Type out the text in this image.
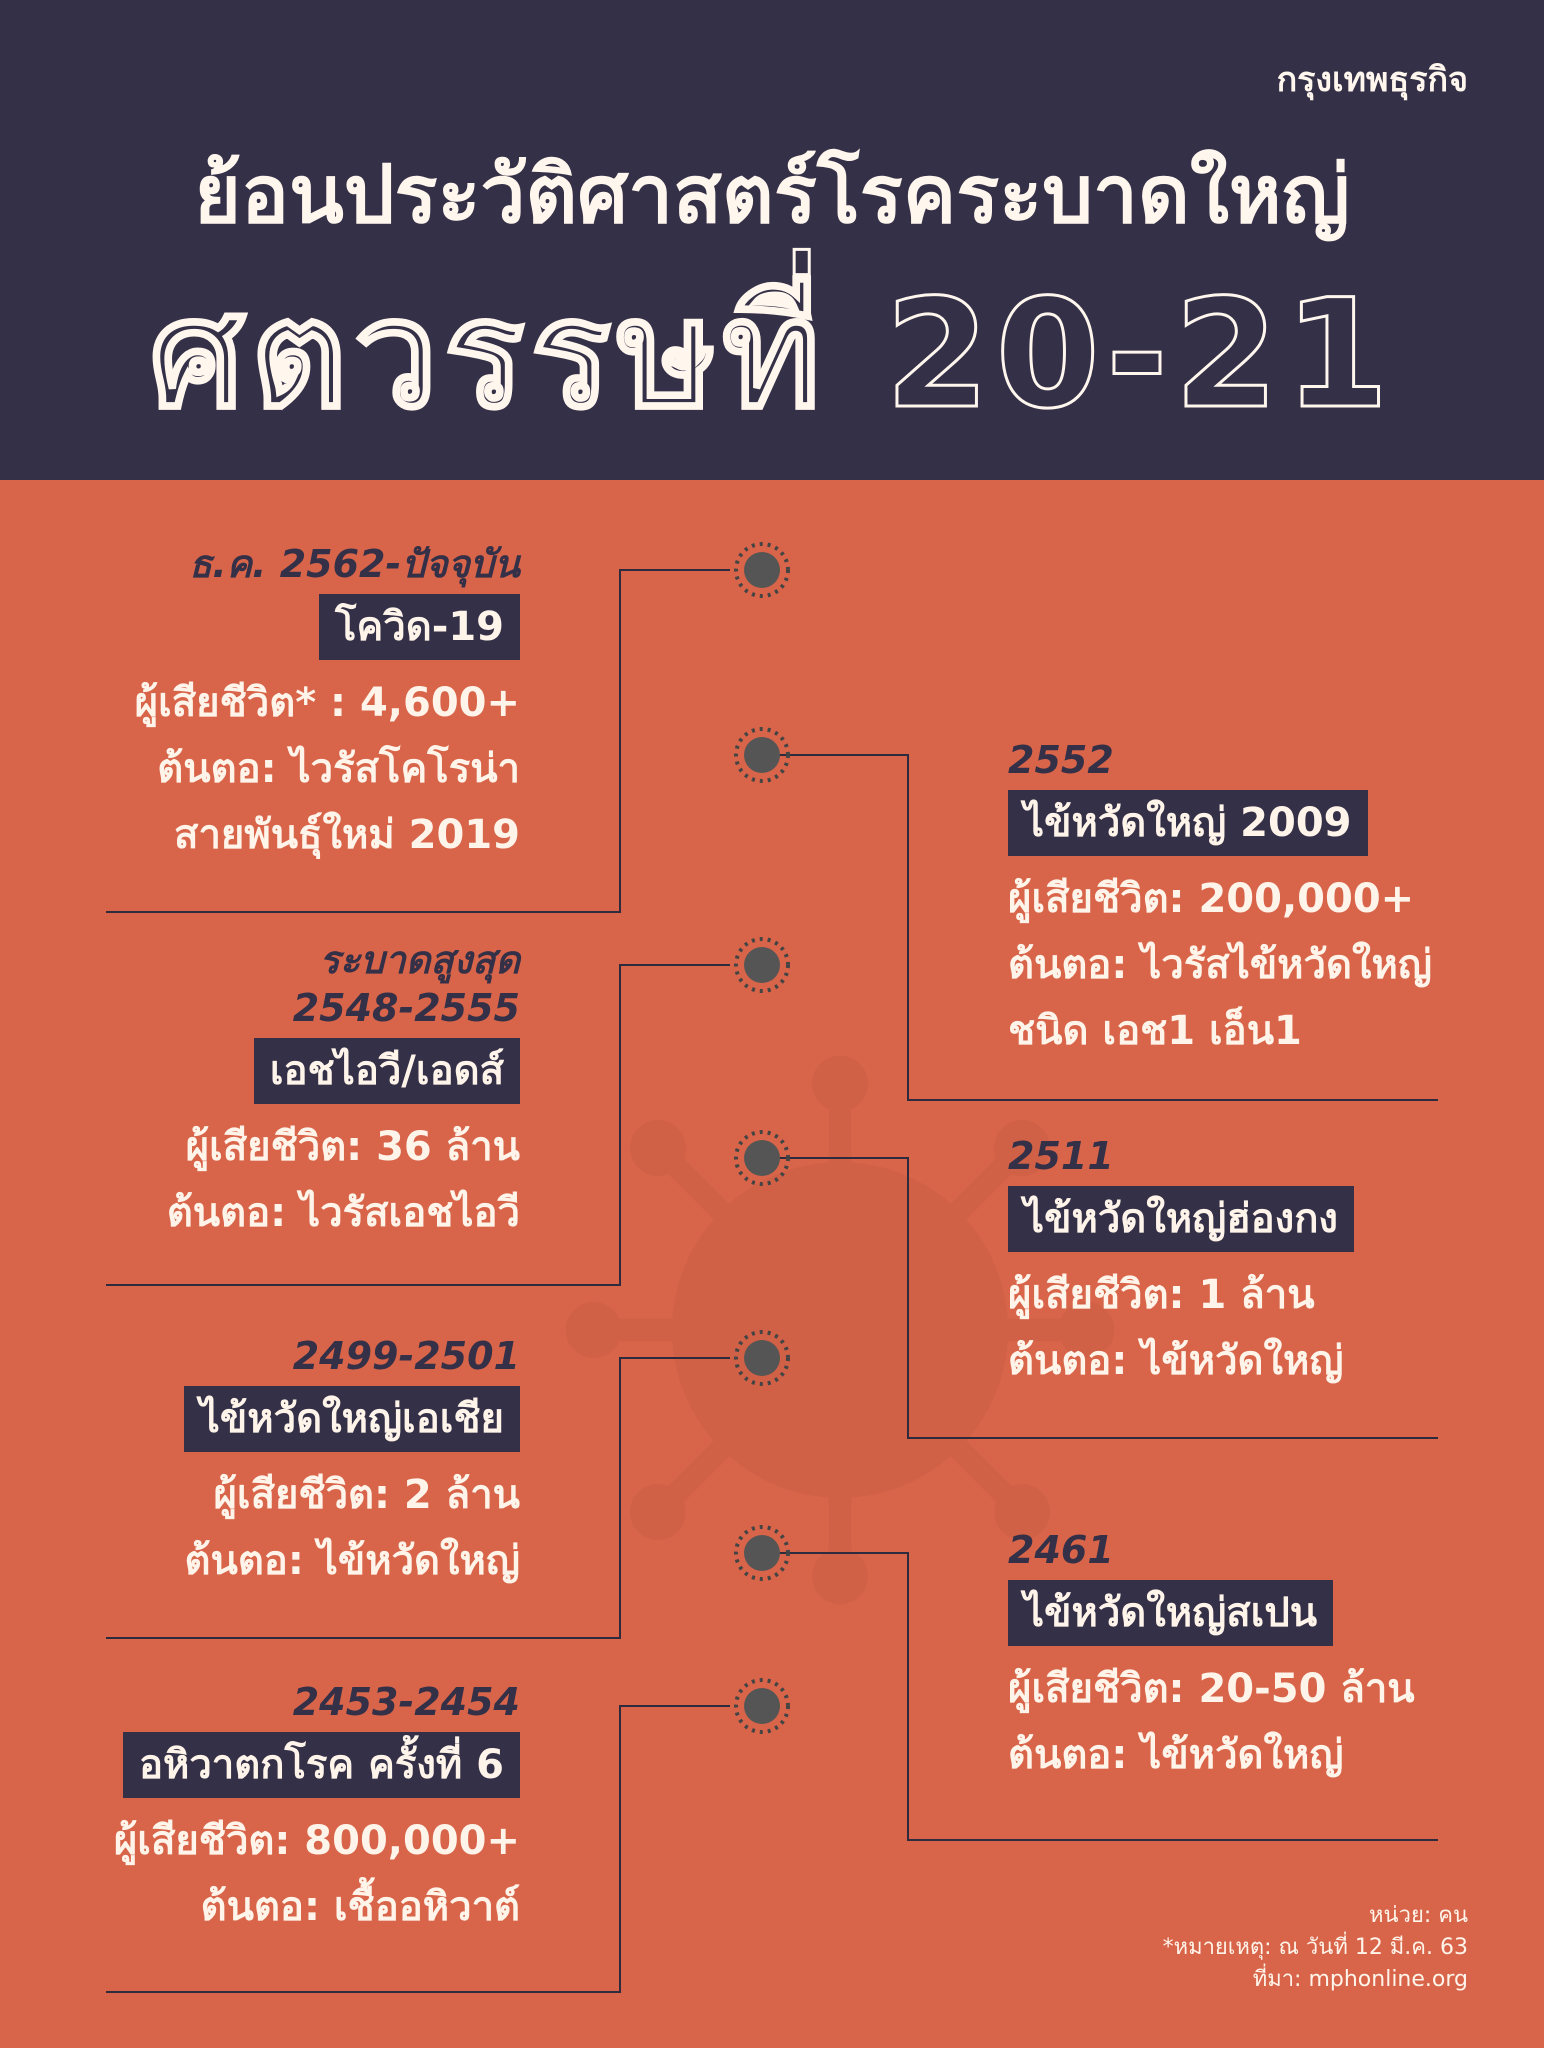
กรุงเทพธุรกิจ
ย้อนประวัติศาสตร์โรคระบาดใหญ่
ศตวรรษที่ 20-21
ธ.ค. 2562-ปัจจุบัน
โควิด-19
ผู้เสียชีวิต* : 4,600+
ต้นตอ: ไวรัสโคโรน่า
สายพันธุ์ใหม่ 2019
ระบาดสูงสุด
2548-2555
เอชไอวี/เอดส์
ผู้เสียชีวิต: 36 ล้าน
ต้นตอ: ไวรัสเอชไอวี
2499-2501
ไข้หวัดใหญ่เอเชีย
ผู้เสียชีวิต: 2 ล้าน
ต้นตอ: ไข้หวัดใหญ่
2453-2454
อหิวาตกโรค ครั้งที่ 6
ผู้เสียชีวิต: 800,000+
ต้นตอ: เชื้ออหิวาต์
2552
ไข้หวัดใหญ่ 2009
ผู้เสียชีวิต: 200,000+
ต้นตอ: ไวรัสไข้หวัดใหญ่
ชนิด เอช1 เอ็น1
2511
ไข้หวัดใหญ่ฮ่องกง
ผู้เสียชีวิต: 1 ล้าน
ต้นตอ: ไข้หวัดใหญ่
2461
ไข้หวัดใหญ่สเปน
ผู้เสียชีวิต: 20-50 ล้าน
ต้นตอ: ไข้หวัดใหญ่
หน่วย: คน
*หมายเหตุ: ณ วันที่ 12 มี.ค. 63
ที่มา: mphonline.org
